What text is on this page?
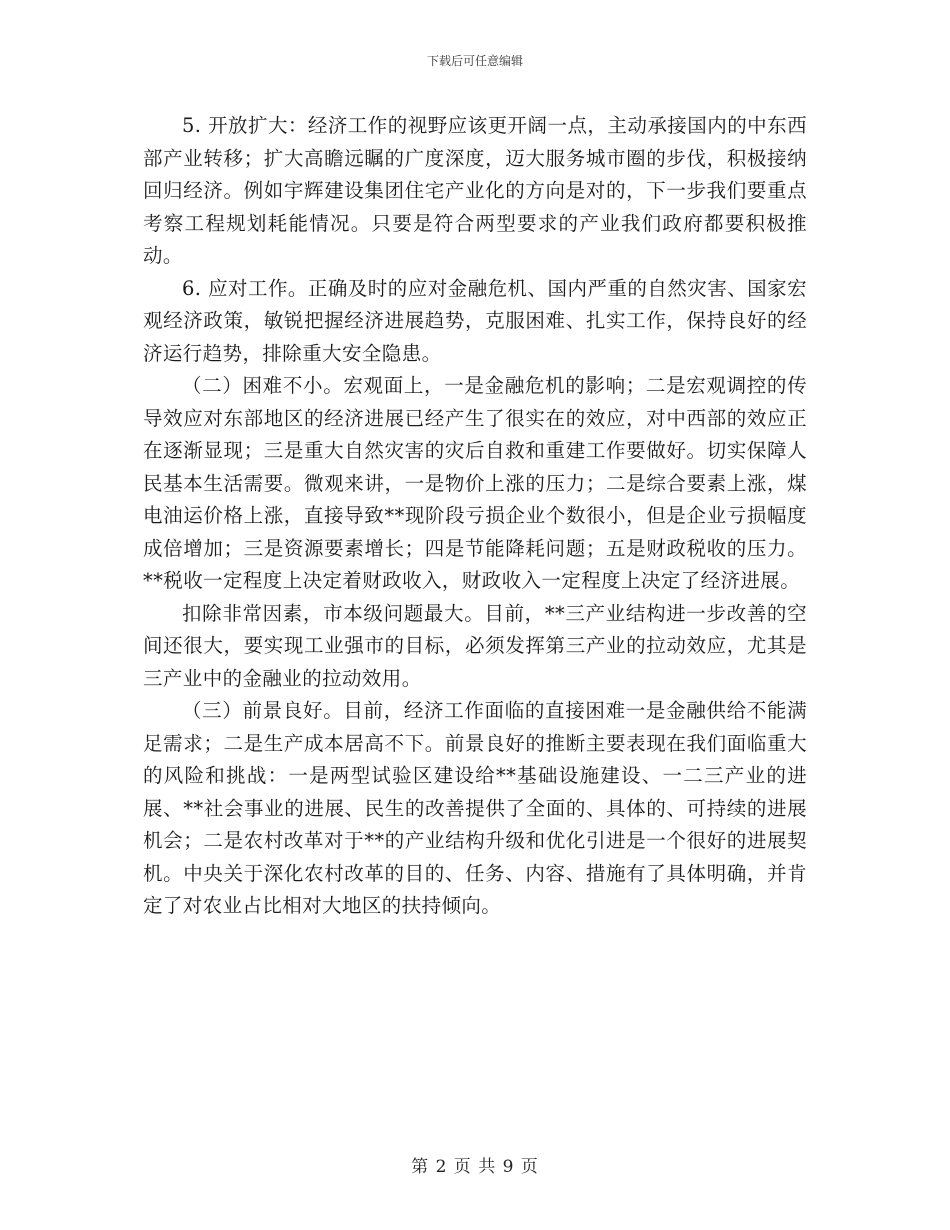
下载后可任意编辑

5. 开放扩大：经济工作的视野应该更开阔一点，主动承接国内的中东西部产业转移；扩大高瞻远瞩的广度深度，迈大服务城市圈的步伐，积极接纳回归经济。例如宇辉建设集团住宅产业化的方向是对的，下一步我们要重点考察工程规划耗能情况。只要是符合两型要求的产业我们政府都要积极推动。

6. 应对工作。正确及时的应对金融危机、国内严重的自然灾害、国家宏观经济政策，敏锐把握经济进展趋势，克服困难、扎实工作，保持良好的经济运行趋势，排除重大安全隐患。

（二）困难不小。宏观面上，一是金融危机的影响；二是宏观调控的传导效应对东部地区的经济进展已经产生了很实在的效应，对中西部的效应正在逐渐显现；三是重大自然灾害的灾后自救和重建工作要做好。切实保障人民基本生活需要。微观来讲，一是物价上涨的压力；二是综合要素上涨，煤电油运价格上涨，直接导致**现阶段亏损企业个数很小，但是企业亏损幅度成倍增加；三是资源要素增长；四是节能降耗问题；五是财政税收的压力。**税收一定程度上决定着财政收入，财政收入一定程度上决定了经济进展。

扣除非常因素，市本级问题最大。目前，**三产业结构进一步改善的空间还很大，要实现工业强市的目标，必须发挥第三产业的拉动效应，尤其是三产业中的金融业的拉动效用。

（三）前景良好。目前，经济工作面临的直接困难一是金融供给不能满足需求；二是生产成本居高不下。前景良好的推断主要表现在我们面临重大的风险和挑战：一是两型试验区建设给**基础设施建设、一二三产业的进展、**社会事业的进展、民生的改善提供了全面的、具体的、可持续的进展机会；二是农村改革对于**的产业结构升级和优化引进是一个很好的进展契机。中央关于深化农村改革的目的、任务、内容、措施有了具体明确，并肯定了对农业占比相对大地区的扶持倾向。

第 2 页 共 9 页
